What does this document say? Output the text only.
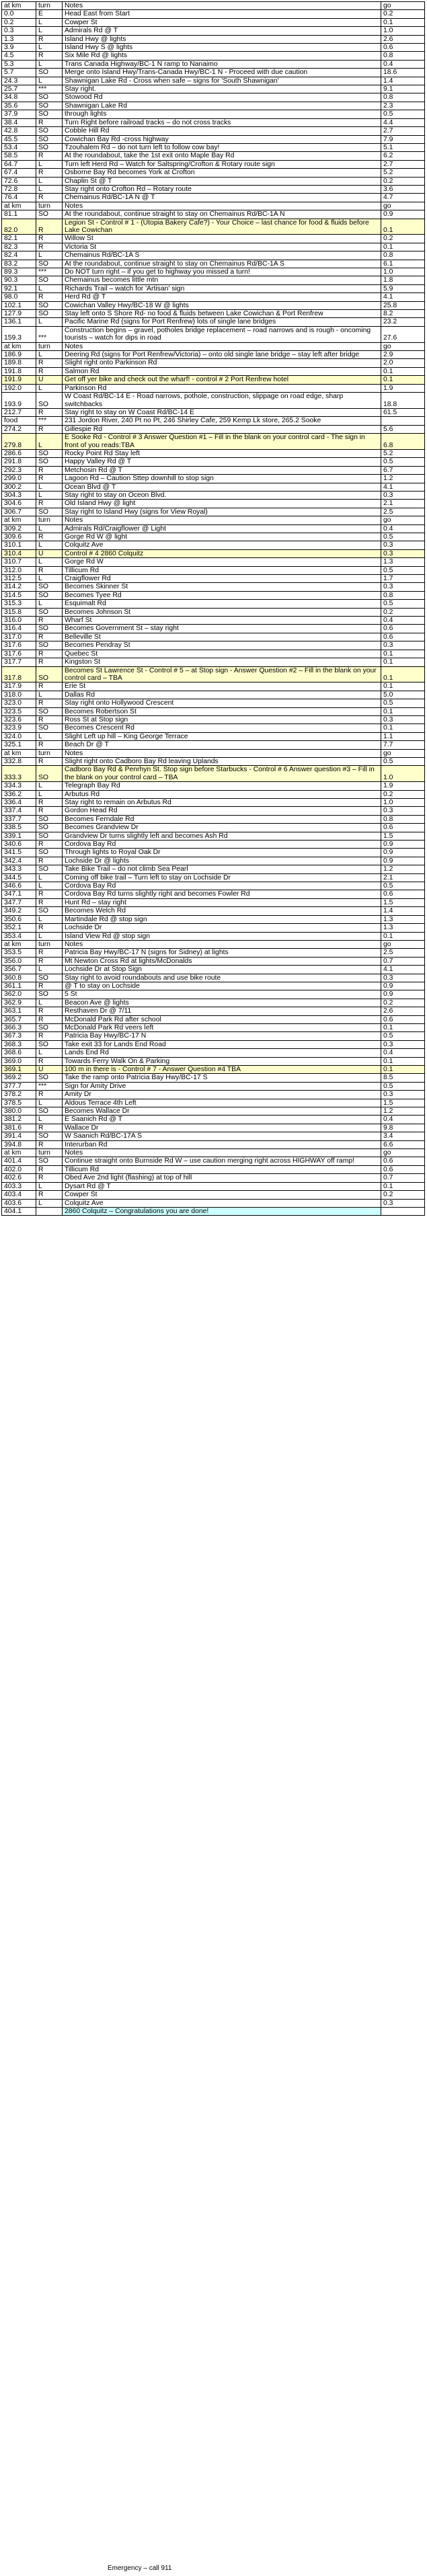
at km	turn	Notes	go
0.0	E	Head East from Start	0.2
0.2	L	Cowper St	0.1
0.3	L	Admirals Rd @ T	1.0
1.3	R	Island Hwy @ lights	2.6
3.9	L	Island Hwy S @ lights	0.6
4.5	R	Six Mile Rd @ lights	0.8
5.3	L	Trans Canada Highway/BC-1 N ramp to Nanaimo	0.4
5.7	SO	Merge onto Island Hwy/Trans-Canada Hwy/BC-1 N - Proceed with due caution	18.6
24.3	L	Shawnigan Lake Rd - Cross when safe – signs for 'South Shawnigan'	1.4
25.7	***	Stay right.	9.1
34.8	SO	Stowood Rd	0.8
35.6	SO	Shawnigan Lake Rd	2.3
37.9	SO	through lights	0.5
38.4	R	Turn Right before railroad tracks – do not cross tracks	4.4
42.8	SO	Cobble Hill Rd	2.7
45.5	SO	Cowichan Bay Rd -cross highway	7.9
53.4	SO	Tzouhalem Rd – do not turn left to follow cow bay!	5.1
58.5	R	At the roundabout, take the 1st exit onto Maple Bay Rd	6.2
64.7	L	Turn left Herd Rd – Watch for Saltspring/Crofton & Rotary route sign	2.7
67.4	R	Osborne Bay Rd becomes York at Crofton	5.2
72.6	L	Chaplin St @ T	0.2
72.8	L	Stay right onto Crofton Rd – Rotary route	3.6
76.4	R	Chemainus Rd/BC-1A N @ T	4.7
at km	turn	Notes	go
81.1	SO	At the roundabout, continue straight to stay on Chemainus Rd/BC-1A N	0.9
82.0	R	Legion St - Control # 1 - (Utopia Bakery Cafe?) - Your Choice – last chance for food & fluids before Lake Cowichan	0.1
82.1	R	Willow St	0.2
82.3	R	Victoria St	0.1
82.4	L	Chemainus Rd/BC-1A S	0.8
83.2	SO	At the roundabout, continue straight to stay on Chemainus Rd/BC-1A S	6.1
89.3	***	Do NOT turn right – if you get to highway you missed a turn!	1.0
90.3	SO	Chemainus becomes little mtn	1.8
92.1	L	Richards Trail – watch for 'Artisan' sign	5.9
98.0	R	Herd Rd @ T	4.1
102.1	SO	Cowichan Valley Hwy/BC-18 W @ lights	25.8
127.9	SO	Stay left onto S Shore Rd- no food & fluids between Lake Cowichan & Port Renfrew	8.2
136.1	L	Pacific Marine Rd (signs for Port Renfrew) lots of single lane bridges	23.2
159.3	***	Construction begins – gravel, potholes bridge replacement – road narrows and is rough - oncoming tourists – watch for dips in road	27.6
at km	turn	Notes	go
186.9	L	Deering Rd (signs for Port Renfrew/Victoria) – onto old single lane bridge – stay left after bridge	2.9
189.8	R	Slight right onto Parkinson Rd	2.0
191.8	R	Salmon Rd	0.1
191.9	U	Get off yer bike and check out the wharf! - control # 2 Port Renfrew hotel	0.1
192.0	L	Parkinson Rd	1.9
193.9	SO	W Coast Rd/BC-14 E - Road narrows, pothole, construction, slippage on road edge, sharp switchbacks	18.8
212.7	R	Stay right to stay on W Coast Rd/BC-14 E	61.5
food	***	231 Jordon River, 240 Pt no Pt, 246 Shirley Cafe, 259 Kemp Lk store, 265.2 Sooke	
274.2	R	Gillespie Rd	5.6
279.8	L	E Sooke Rd - Control # 3 Answer Question #1 – Fill in the blank on your control card - The sign in front of you reads:TBA	6.8
286.6	SO	Rocky Point Rd Stay left	5.2
291.8	SO	Happy Valley Rd @ T	0.5
292.3	R	Metchosin Rd @ T	6.7
299.0	R	Lagoon Rd – Caution Sttep downhill to stop sign	1.2
300.2	L	Ocean Blvd @ T	4.1
304.3	L	Stay right to stay on Oceon Blvd.	0.3
304.6	R	Old Island Hwy @ light	2.1
306.7	SO	Stay right to Island Hwy (signs for View Royal)	2.5
at km	turn	Notes	go
309.2	L	Admirals Rd/Craigflower @ Light	0.4
309.6	R	Gorge Rd W @ light	0.5
310.1	L	Colquitz Ave	0.3
310.4	U	Control # 4 2860 Colquitz	0.3
310.7	L	Gorge Rd W	1.3
312.0	R	Tillicum Rd	0.5
312.5	L	Craigflower Rd	1.7
314.2	SO	Becomes Skinner St	0.3
314.5	SO	Becomes Tyee Rd	0.8
315.3	L	Esquimalt Rd	0.5
315.8	SO	Becomes Johnson St	0.2
316.0	R	Wharf St	0.4
316.4	SO	Becomes Government St – stay right	0.6
317.0	R	Belleville St	0.6
317.6	SO	Becomes Pendray St	0.3
317.6	R	Quebec St	0.1
317.7	R	Kingston St	0.1
317.8	SO	Becomes St Lawrence St - Control # 5 – at Stop sign - Answer Question #2 – Fill in the blank on your control card – TBA	0.1
317.9	R	Erie St	0.1
318.0	L	Dallas Rd	5.0
323.0	R	Stay right onto Hollywood Crescent	0.5
323.5	SO	Becomes Robertson St	0.1
323.6	R	Ross St at Stop sign	0.3
323.9	SO	Becomes Crescent Rd	0.1
324.0	L	Slight Left up hill – King George Terrace	1.1
325.1	R	Beach Dr @ T	7.7
at km	turn	Notes	go
332.8	R	Slight right onto Cadboro Bay Rd leaving Uplands	0.5
333.3	SO	Cadboro Bay Rd & Penrhyn St. Stop sign before Starbucks - Control # 6 Answer question #3 – Fill in the blank on your control card – TBA	1.0
334.3	L	Telegraph Bay Rd	1.9
336.2	L	Arbutus Rd	0.2
336.4	R	Stay right to remain on Arbutus Rd	1.0
337.4	R	Gordon Head Rd	0.3
337.7	SO	Becomes Ferndale Rd	0.8
338.5	SO	Becomes Grandview Dr	0.6
339.1	SO	Grandview Dr turns slightly left and becomes Ash Rd	1.5
340.6	R	Cordova Bay Rd	0.9
341.5	SO	Through lights to Royal Oak Dr	0.9
342.4	R	Lochside Dr @ lights	0.9
343.3	SO	Take Bike Trail – do not climb Sea Pearl	1.2
344.5	L	Coming off bike trail – Turn left to stay on Lochside Dr	2.1
346.6	L	Cordova Bay Rd	0.5
347.1	R	Cordova Bay Rd turns slightly right and becomes Fowler Rd	0.6
347.7	R	Hunt Rd – stay right	1.5
349.2	SO	Becomes Welch Rd	1.4
350.6	L	Martindale Rd @ stop sign	1.3
352.1	R	Lochside Dr	1.3
353.4	L	Island View Rd @ stop sign	0.1
at km	turn	Notes	go
353.5	R	Patricia Bay Hwy/BC-17 N (signs for Sidney) at lights	2.5
356.0	R	Mt Newton Cross Rd at lights/McDonalds	0.7
356.7	L	Lochside Dr at Stop Sign	4.1
360.8	SO	Stay right to avoid roundabouts and use bike route	0.3
361.1	R	@ T to stay on Lochside	0.9
362.0	SO	5 St	0.9
362.9	L	Beacon Ave @ lights	0.2
363.1	R	Resthaven Dr @ 7/11	2.6
365.7	R	McDonald Park Rd after school	0.6
366.3	SO	McDonald Park Rd veers left	0.1
367.3	R	Patricia Bay Hwy/BC-17 N	0.5
368.3	SO	Take exit 33 for Lands End Road	0.3
368.6	L	Lands End Rd	0.4
369.0	R	Towards Ferry Walk On & Parking	0.1
369.1	U	100 m in there is - Control # 7 - Answer Question #4 TBA	0.1
369.2	SO	Take the ramp onto Patricia Bay Hwy/BC-17 S	8.5
377.7	***	Sign for Amity Drive	0.5
378.2	R	Amity Dr	0.3
378.5	L	Aldous Terrace 4th Left	1.5
380.0	SO	Becomes Wallace Dr	1.2
381.2	L	E Saanich Rd @ T	0.4
381.6	R	Wallace Dr	9.8
391.4	SO	W Saanich Rd/BC-17A S	3.4
394.8	R	Interurban Rd	6.6
at km	turn	Notes	go
401.4	SO	Continue straight onto Burnside Rd W – use caution merging right across HIGHWAY off ramp!	0.6
402.0	R	Tillicum Rd	0.6
402.6	R	Obed Ave 2nd light (flashing) at top of hill	0.7
403.3	L	Dysart Rd @ T	0.1
403.4	R	Cowper St	0.2
403.6	L	Colquitz Ave	0.3
404.1		2860 Colquitz – Congratulations you are done!	
Emergency – call 911
